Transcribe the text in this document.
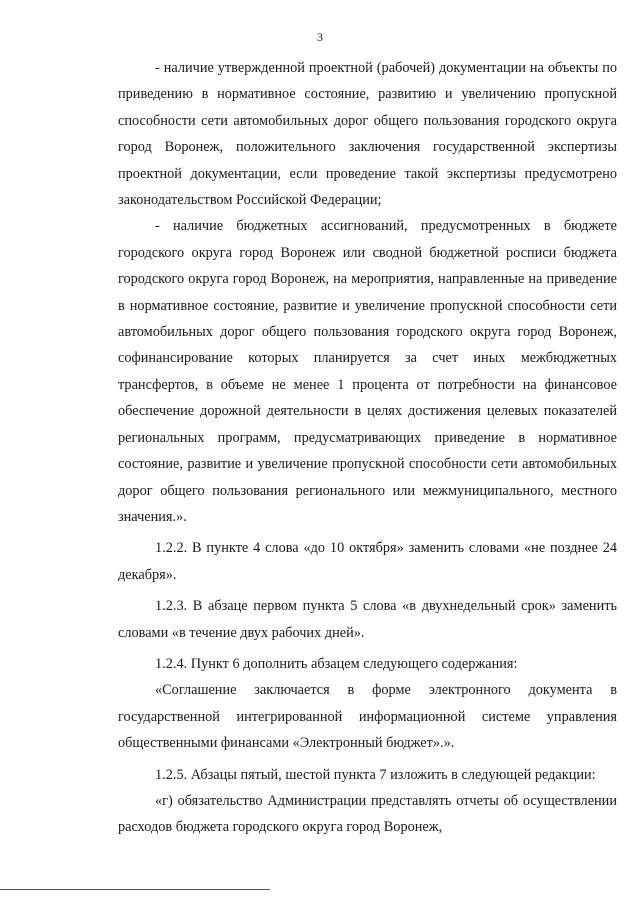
3

- наличие утвержденной проектной (рабочей) документации на объекты по приведению в нормативное состояние, развитию и увеличению пропускной способности сети автомобильных дорог общего пользования городского округа город Воронеж, положительного заключения государственной экспертизы проектной документации, если проведение такой экспертизы предусмотрено законодательством Российской Федерации;

- наличие бюджетных ассигнований, предусмотренных в бюджете городского округа город Воронеж или сводной бюджетной росписи бюджета городского округа город Воронеж, на мероприятия, направленные на приведение в нормативное состояние, развитие и увеличение пропускной способности сети автомобильных дорог общего пользования городского округа город Воронеж, софинансирование которых планируется за счет иных межбюджетных трансфертов, в объеме не менее 1 процента от потребности на финансовое обеспечение дорожной деятельности в целях достижения целевых показателей региональных программ, предусматривающих приведение в нормативное состояние, развитие и увеличение пропускной способности сети автомобильных дорог общего пользования регионального или межмуниципального, местного значения.».

1.2.2. В пункте 4 слова «до 10 октября» заменить словами «не позднее 24 декабря».

1.2.3. В абзаце первом пункта 5 слова «в двухнедельный срок» заменить словами «в течение двух рабочих дней».

1.2.4. Пункт 6 дополнить абзацем следующего содержания:

«Соглашение заключается в форме электронного документа в государственной интегрированной информационной системе управления общественными финансами «Электронный бюджет».».

1.2.5. Абзацы пятый, шестой пункта 7 изложить в следующей редакции:

«г) обязательство Администрации представлять отчеты об осуществлении расходов бюджета городского округа город Воронеж,
